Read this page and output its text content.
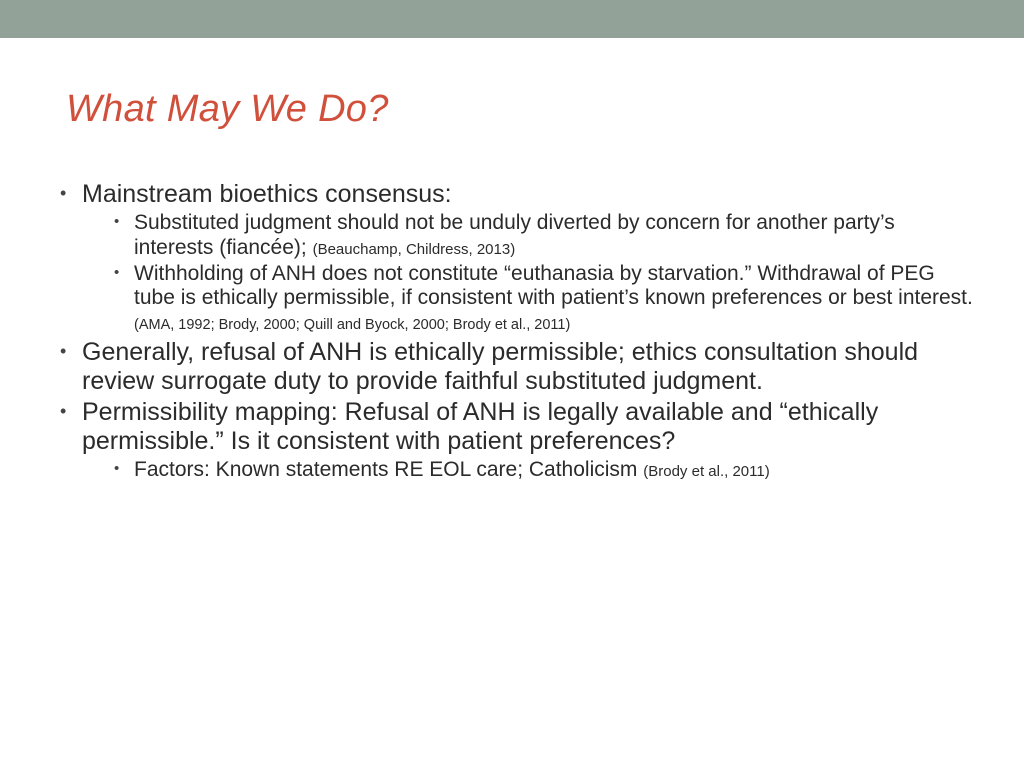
What May We Do?
• Mainstream bioethics consensus:
• Substituted judgment should not be unduly diverted by concern for another party’s interests (fiancée); (Beauchamp, Childress, 2013)
• Withholding of ANH does not constitute “euthanasia by starvation.” Withdrawal of PEG tube is ethically permissible, if consistent with patient’s known preferences or best interest. (AMA, 1992; Brody, 2000; Quill and Byock, 2000; Brody et al., 2011)
• Generally, refusal of ANH is ethically permissible; ethics consultation should review surrogate duty to provide faithful substituted judgment.
• Permissibility mapping: Refusal of ANH is legally available and “ethically permissible.” Is it consistent with patient preferences?
• Factors: Known statements RE EOL care; Catholicism (Brody et al., 2011)
